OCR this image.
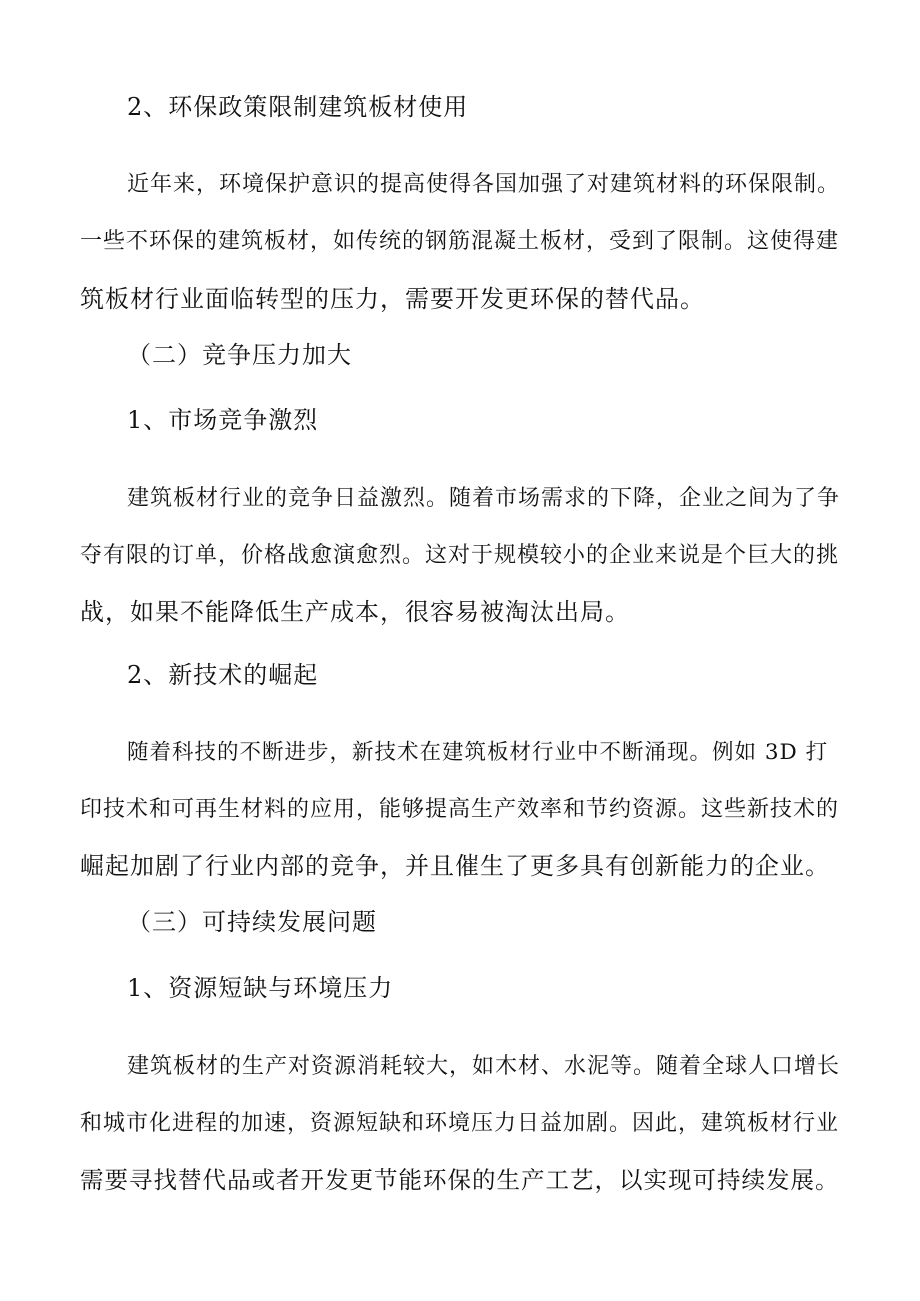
2、环保政策限制建筑板材使用
近年来，环境保护意识的提高使得各国加强了对建筑材料的环保限制。
一些不环保的建筑板材，如传统的钢筋混凝土板材，受到了限制。这使得建
筑板材行业面临转型的压力，需要开发更环保的替代品。
（二）竞争压力加大
1、市场竞争激烈
建筑板材行业的竞争日益激烈。随着市场需求的下降，企业之间为了争
夺有限的订单，价格战愈演愈烈。这对于规模较小的企业来说是个巨大的挑
战，如果不能降低生产成本，很容易被淘汰出局。
2、新技术的崛起
随着科技的不断进步，新技术在建筑板材行业中不断涌现。例如 3D 打
印技术和可再生材料的应用，能够提高生产效率和节约资源。这些新技术的
崛起加剧了行业内部的竞争，并且催生了更多具有创新能力的企业。
（三）可持续发展问题
1、资源短缺与环境压力
建筑板材的生产对资源消耗较大，如木材、水泥等。随着全球人口增长
和城市化进程的加速，资源短缺和环境压力日益加剧。因此，建筑板材行业
需要寻找替代品或者开发更节能环保的生产工艺，以实现可持续发展。
